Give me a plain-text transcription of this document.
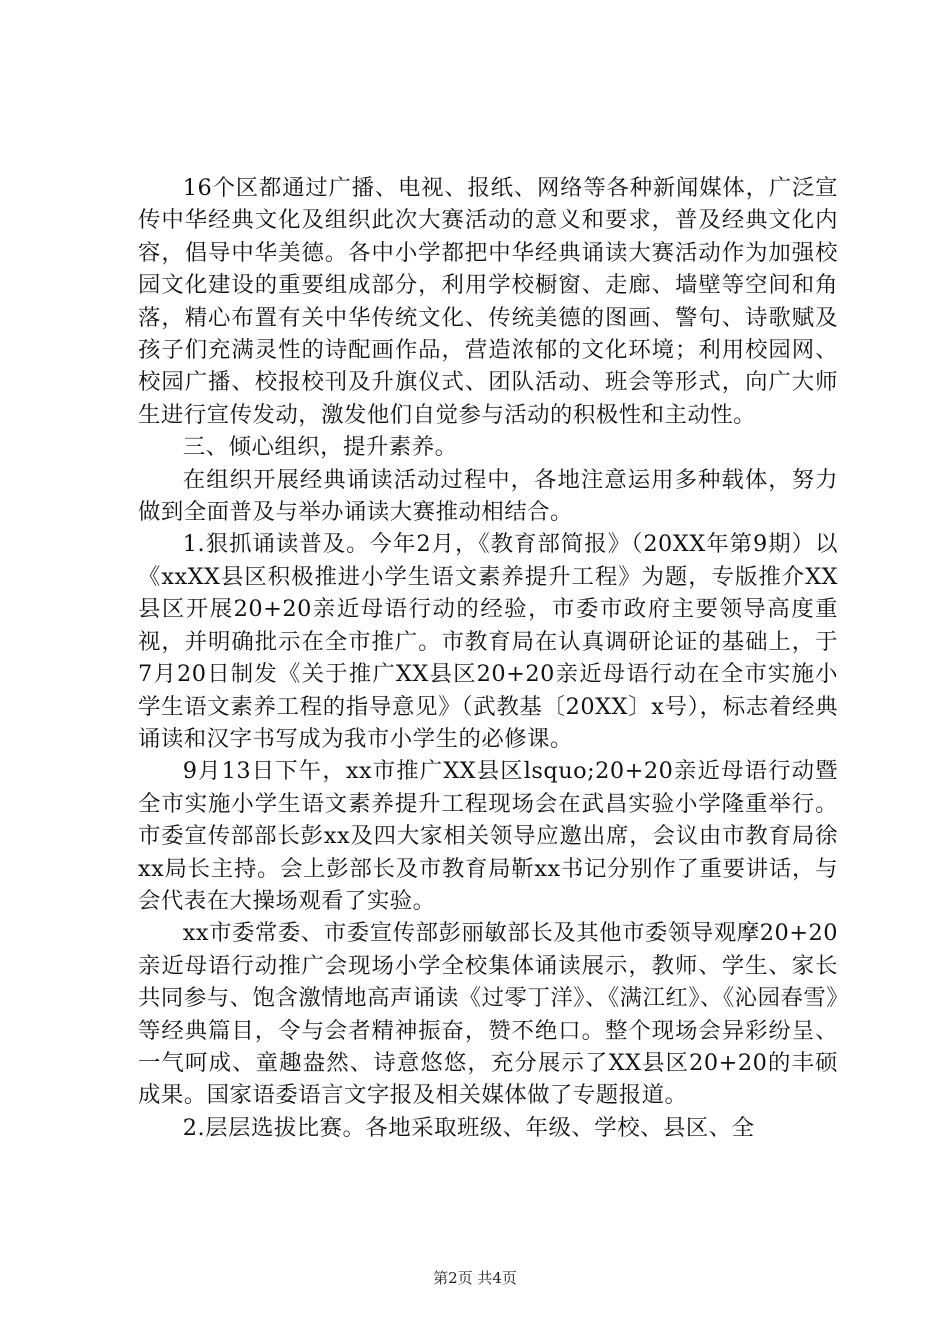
16个区都通过广播、电视、报纸、网络等各种新闻媒体，广泛宣传中华经典文化及组织此次大赛活动的意义和要求，普及经典文化内容，倡导中华美德。各中小学都把中华经典诵读大赛活动作为加强校园文化建设的重要组成部分，利用学校橱窗、走廊、墙壁等空间和角落，精心布置有关中华传统文化、传统美德的图画、警句、诗歌赋及孩子们充满灵性的诗配画作品，营造浓郁的文化环境；利用校园网、校园广播、校报校刊及升旗仪式、团队活动、班会等形式，向广大师生进行宣传发动，激发他们自觉参与活动的积极性和主动性。

三、倾心组织，提升素养。

在组织开展经典诵读活动过程中，各地注意运用多种载体，努力做到全面普及与举办诵读大赛推动相结合。

1.狠抓诵读普及。今年2月，《教育部简报》（20XX年第9期）以《xxXX县区积极推进小学生语文素养提升工程》为题，专版推介XX县区开展20+20亲近母语行动的经验，市委市政府主要领导高度重视，并明确批示在全市推广。市教育局在认真调研论证的基础上，于7月20日制发《关于推广XX县区20+20亲近母语行动在全市实施小学生语文素养工程的指导意见》（武教基〔20XX〕x号），标志着经典诵读和汉字书写成为我市小学生的必修课。

9月13日下午，xx市推广XX县区lsquo;20+20亲近母语行动暨全市实施小学生语文素养提升工程现场会在武昌实验小学隆重举行。市委宣传部部长彭xx及四大家相关领导应邀出席，会议由市教育局徐xx局长主持。会上彭部长及市教育局靳xx书记分别作了重要讲话，与会代表在大操场观看了实验。

xx市委常委、市委宣传部彭丽敏部长及其他市委领导观摩20+20亲近母语行动推广会现场小学全校集体诵读展示，教师、学生、家长共同参与、饱含激情地高声诵读《过零丁洋》、《满江红》、《沁园春雪》等经典篇目，令与会者精神振奋，赞不绝口。整个现场会异彩纷呈、一气呵成、童趣盎然、诗意悠悠，充分展示了XX县区20+20的丰硕成果。国家语委语言文字报及相关媒体做了专题报道。

2.层层选拔比赛。各地采取班级、年级、学校、县区、全

第2页 共4页
